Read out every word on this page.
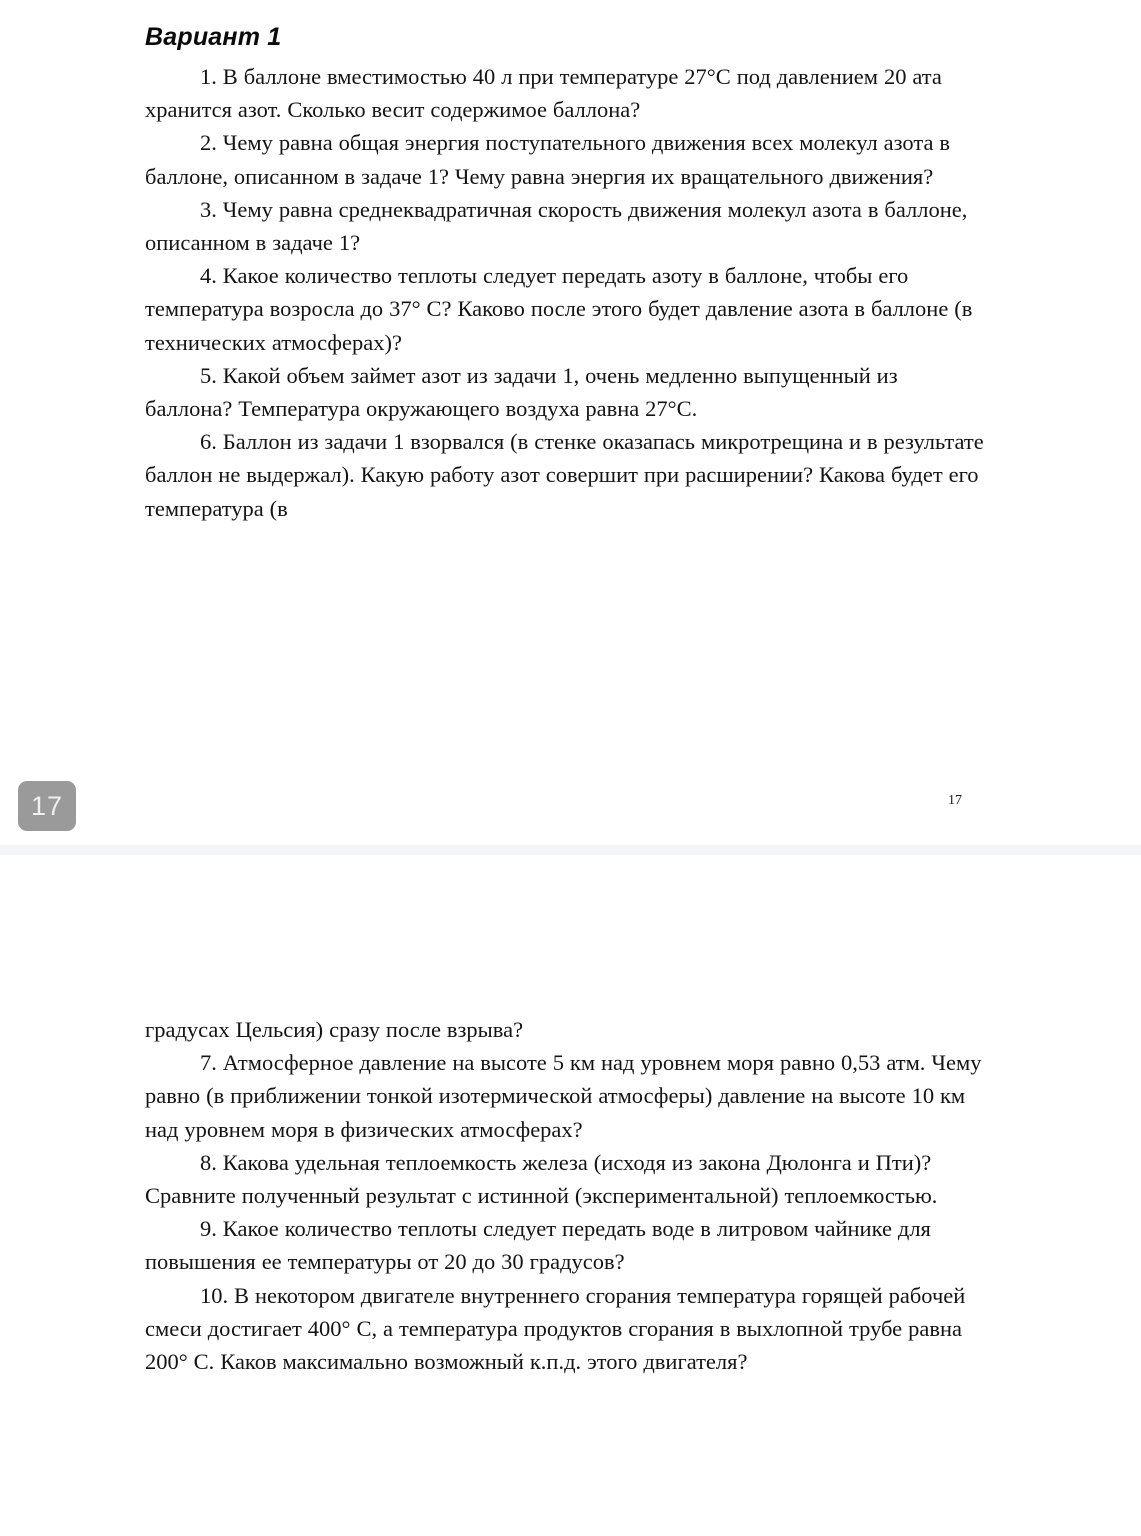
Вариант 1

1. В баллоне вместимостью 40 л при температуре 27°C под давлением 20 ата хранится азот. Сколько весит содержимое баллона?

2. Чему равна общая энергия поступательного движения всех молекул азота в баллоне, описанном в задаче 1? Чему равна энергия их вращательного движения?

3. Чему равна среднеквадратичная скорость движения молекул азота в баллоне, описанном в задаче 1?

4. Какое количество теплоты следует передать азоту в баллоне, чтобы его температура возросла до 37° C? Каково после этого будет давление азота в баллоне (в технических атмосферах)?

5. Какой объем займет азот из задачи 1, очень медленно выпущенный из баллона? Температура окружающего воздуха равна 27°C.

6. Баллон из задачи 1 взорвался (в стенке оказапась микротрещина и в результате баллон не выдержал). Какую работу азот совершит при расширении? Какова будет его температура (в

17

градусах Цельсия) сразу после взрыва?

7. Атмосферное давление на высоте 5 км над уровнем моря равно 0,53 атм. Чему равно (в приближении тонкой изотермической атмосферы) давление на высоте 10 км над уровнем моря в физических атмосферах?

8. Какова удельная теплоемкость железа (исходя из закона Дюлонга и Пти)? Сравните полученный результат с истинной (экспериментальной) теплоемкостью.

9. Какое количество теплоты следует передать воде в литровом чайнике для повышения ее температуры от 20 до 30 градусов?

10. В некотором двигателе внутреннего сгорания температура горящей рабочей смеси достигает 400° C, а температура продуктов сгорания в выхлопной трубе равна 200° C. Каков максимально возможный к.п.д. этого двигателя?

17
